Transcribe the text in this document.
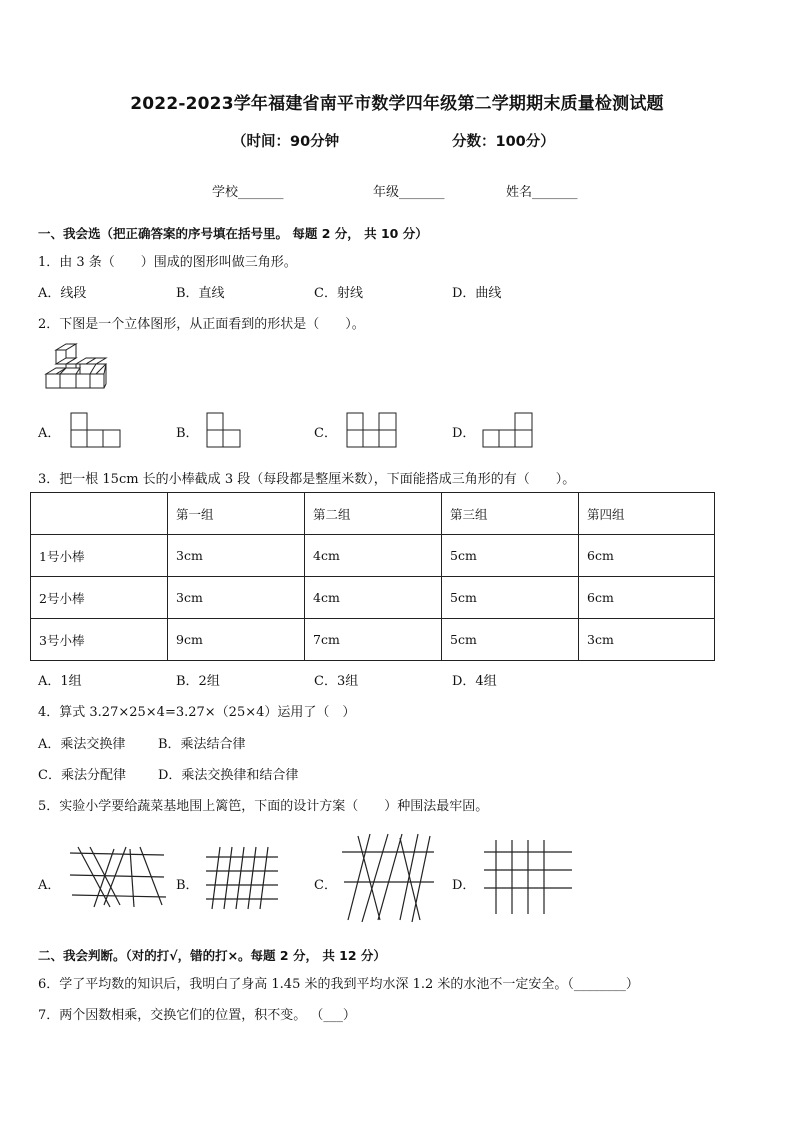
2022-2023学年福建省南平市数学四年级第二学期期末质量检测试题
（时间：90分钟	分数：100分）
学校_______	年级_______	姓名_______
一、我会选（把正确答案的序号填在括号里。 每题 2 分， 共 10 分）
1．由 3 条（　　）围成的图形叫做三角形。
A．线段	B．直线	C．射线	D．曲线
2．下图是一个立体图形，从正面看到的形状是（　　）。
A．	B．	C．	D．
3．把一根 15cm 长的小棒截成 3 段（每段都是整厘米数），下面能搭成三角形的有（　　）。
	第一组	第二组	第三组	第四组
1号小棒	3cm	4cm	5cm	6cm
2号小棒	3cm	4cm	5cm	6cm
3号小棒	9cm	7cm	5cm	3cm
A．1组	B．2组	C．3组	D．4组
4．算式 3.27×25×4=3.27×（25×4）运用了（　）
A．乘法交换律	B．乘法结合律
C．乘法分配律 D．乘法交换律和结合律
5．实验小学要给蔬菜基地围上篱笆，下面的设计方案（　　）种围法最牢固。
A．	B．	C．	D．
二、我会判断。（对的打√，错的打×。每题 2 分， 共 12 分）
6．学了平均数的知识后，我明白了身高 1.45 米的我到平均水深 1.2 米的水池不一定安全。（________）
7．两个因数相乘，交换它们的位置，积不变。 （___）
